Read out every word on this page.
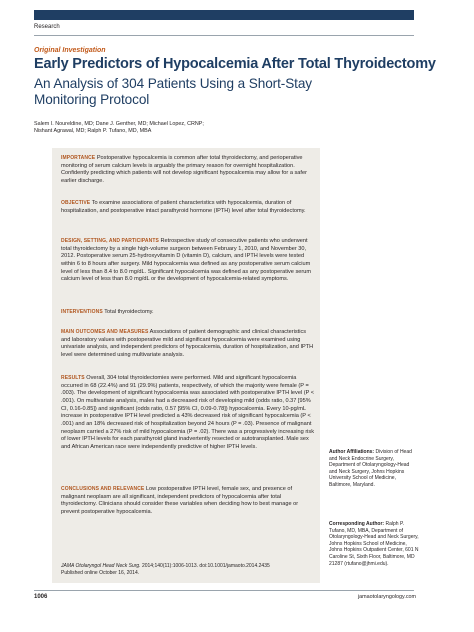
Research
Original Investigation
Early Predictors of Hypocalcemia After Total Thyroidectomy
An Analysis of 304 Patients Using a Short-Stay Monitoring Protocol
Salem I. Noureldine, MD; Dane J. Genther, MD; Michael Lopez, CRNP;
Nishant Agrawal, MD; Ralph P. Tufano, MD, MBA
IMPORTANCE Postoperative hypocalcemia is common after total thyroidectomy, and perioperative monitoring of serum calcium levels is arguably the primary reason for overnight hospitalization. Confidently predicting which patients will not develop significant hypocalcemia may allow for a safer earlier discharge.
OBJECTIVE To examine associations of patient characteristics with hypocalcemia, duration of hospitalization, and postoperative intact parathyroid hormone (IPTH) level after total thyroidectomy.
DESIGN, SETTING, AND PARTICIPANTS Retrospective study of consecutive patients who underwent total thyroidectomy by a single high-volume surgeon between February 1, 2010, and November 30, 2012. Postoperative serum 25-hydroxyvitamin D (vitamin D), calcium, and IPTH levels were tested within 6 to 8 hours after surgery. Mild hypocalcemia was defined as any postoperative serum calcium level of less than 8.4 to 8.0 mg/dL. Significant hypocalcemia was defined as any postoperative serum calcium level of less than 8.0 mg/dL or the development of hypocalcemia-related symptoms.
INTERVENTIONS Total thyroidectomy.
MAIN OUTCOMES AND MEASURES Associations of patient demographic and clinical characteristics and laboratory values with postoperative mild and significant hypocalcemia were examined using univariate analysis, and independent predictors of hypocalcemia, duration of hospitalization, and IPTH level were determined using multivariate analysis.
RESULTS Overall, 304 total thyroidectomies were performed. Mild and significant hypocalcemia occurred in 68 (22.4%) and 91 (29.9%) patients, respectively, of which the majority were female (P = .003). The development of significant hypocalcemia was associated with postoperative IPTH level (P < .001). On multivariate analysis, males had a decreased risk of developing mild (odds ratio, 0.37 [95% CI, 0.16-0.85]) and significant (odds ratio, 0.57 [95% CI, 0.09-0.78]) hypocalcemia. Every 10-pg/mL increase in postoperative IPTH level predicted a 43% decreased risk of significant hypocalcemia (P < .001) and an 18% decreased risk of hospitalization beyond 24 hours (P = .03). Presence of malignant neoplasm carried a 27% risk of mild hypocalcemia (P = .02). There was a progressively increasing risk of lower IPTH levels for each parathyroid gland inadvertently resected or autotransplanted. Male sex and African American race were independently predictive of higher IPTH levels.
CONCLUSIONS AND RELEVANCE Low postoperative IPTH level, female sex, and presence of malignant neoplasm are all significant, independent predictors of hypocalcemia after total thyroidectomy. Clinicians should consider these variables when deciding how to best manage or prevent postoperative hypocalcemia.
JAMA Otolaryngol Head Neck Surg. 2014;140(11):1006-1013. doi:10.1001/jamaoto.2014.2435
Published online October 16, 2014.
Author Affiliations: Division of Head and Neck Endocrine Surgery, Department of Otolaryngology-Head and Neck Surgery, Johns Hopkins University School of Medicine, Baltimore, Maryland.
Corresponding Author: Ralph P. Tufano, MD, MBA, Department of Otolaryngology-Head and Neck Surgery, Johns Hopkins School of Medicine, Johns Hopkins Outpatient Center, 601 N Caroline St, Sixth Floor, Baltimore, MD 21287 (rtufano@jhmi.edu).
1006	jamaotolaryngology.com
